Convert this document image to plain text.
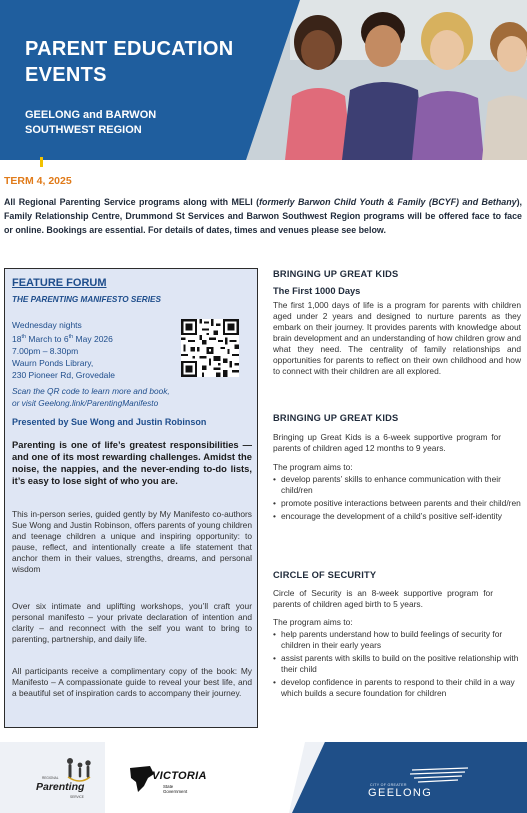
PARENT EDUCATION
EVENTS
GEELONG and BARWON
SOUTHWEST REGION
TERM 4, 2025
All Regional Parenting Service programs along with MELI (formerly Barwon Child Youth & Family (BCYF) and Bethany), Family Relationship Centre, Drummond St Services and Barwon Southwest Region programs will be offered face to face or online. Bookings are essential. For details of dates, times and venues please see below.
FEATURE FORUM
THE PARENTING MANIFESTO SERIES
Wednesday nights
18th March to 6th May 2026
7.00pm – 8.30pm
Waurn Ponds Library,
230 Pioneer Rd, Grovedale
Scan the QR code to learn more and book,
or visit Geelong.link/ParentingManifesto
Presented by Sue Wong and Justin Robinson
Parenting is one of life’s greatest responsibilities — and one of its most rewarding challenges. Amidst the noise, the nappies, and the never-ending to-do lists, it’s easy to lose sight of who you are.
This in-person series, guided gently by My Manifesto co-authors Sue Wong and Justin Robinson, offers parents of young children and teenage children a unique and inspiring opportunity: to pause, reflect, and intentionally create a life statement that anchor them in their values, strengths, dreams, and personal wisdom
Over six intimate and uplifting workshops, you’ll craft your personal manifesto – your private declaration of intention and clarity – and reconnect with the self you want to bring to parenting, partnership, and daily life.
All participants receive a complimentary copy of the book: My Manifesto – A compassionate guide to reveal your best life, and a beautiful set of inspiration cards to accompany their journey.
BRINGING UP GREAT KIDS
The First 1000 Days
The first 1,000 days of life is a program for parents with children aged under 2 years and designed to nurture parents as they embark on their journey. It provides parents with knowledge about brain development and an understanding of how children grow and what they need. The centrality of family relationships and opportunities for parents to reflect on their own childhood and how to connect with their children are all explored.
BRINGING UP GREAT KIDS
Bringing up Great Kids is a 6-week supportive program for parents of children aged 12 months to 9 years.
The program aims to:
• develop parents’ skills to enhance communication with their child/ren
• promote positive interactions between parents and their child/ren
• encourage the development of a child’s positive self-identity
CIRCLE OF SECURITY
Circle of Security is an 8-week supportive program for parents of children aged birth to 5 years.
The program aims to:
• help parents understand how to build feelings of security for children in their early years
• assist parents with skills to build on the positive relationship with their child
• develop confidence in parents to respond to their child in a way which builds a secure foundation for children
REGIONAL
Parenting
SERVICE
VICTORIA
State
Government
CITY OF GREATER
GEELONG
